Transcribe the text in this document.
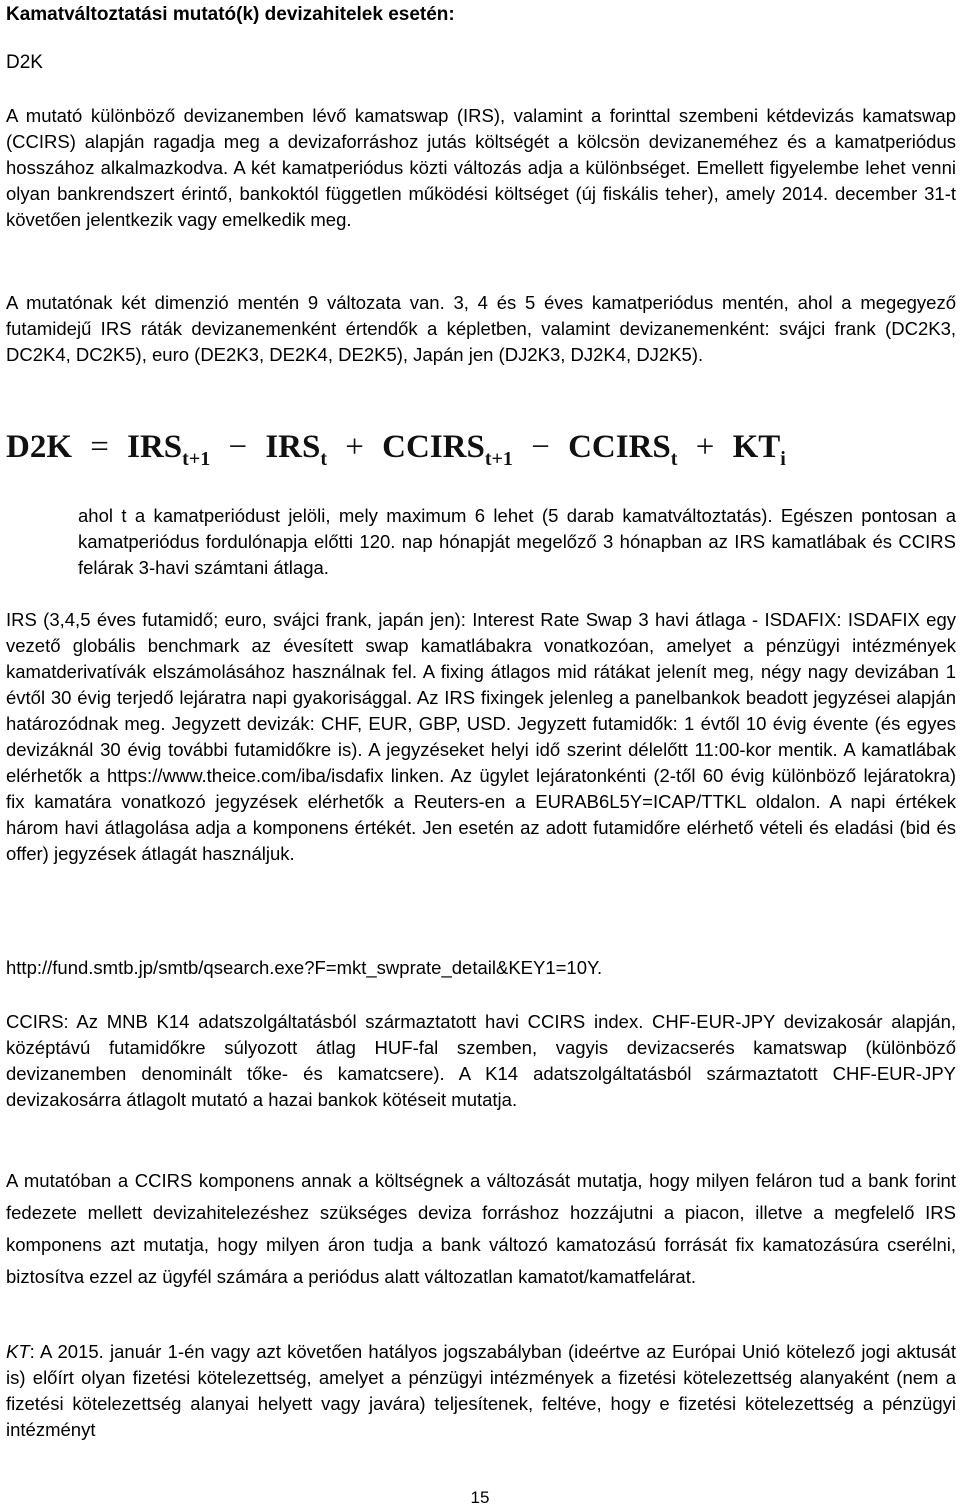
Kamatváltoztatási mutató(k) devizahitelek esetén:

D2K

A mutató különböző devizanemben lévő kamatswap (IRS), valamint a forinttal szembeni kétdevizás kamatswap (CCIRS) alapján ragadja meg a devizaforráshoz jutás költségét a kölcsön devizaneméhez és a kamatperiódus hosszához alkalmazkodva. A két kamatperiódus közti változás adja a különbséget. Emellett figyelembe lehet venni olyan bankrendszert érintő, bankoktól független működési költséget (új fiskális teher), amely 2014. december 31-t követően jelentkezik vagy emelkedik meg.

A mutatónak két dimenzió mentén 9 változata van. 3, 4 és 5 éves kamatperiódus mentén, ahol a megegyező futamidejű IRS ráták devizanemenként értendők a képletben, valamint devizanemenként: svájci frank (DC2K3, DC2K4, DC2K5), euro (DE2K3, DE2K4, DE2K5), Japán jen (DJ2K3, DJ2K4, DJ2K5).

$D2K = IRS_{t+1} - IRS_t$ + $CCIRS_{t+1}$ − $CCIRS_t + KT_i$

ahol t a kamatperiódust jelöli, mely maximum 6 lehet (5 darab kamatváltoztatás). Egészen pontosan a kamatperiódus fordulónapja előtti 120. nap hónapját megelőző 3 hónapban az IRS kamatlábak és CCIRS felárak 3-havi számtani átlaga.

IRS (3,4,5 éves futamidő; euro, svájci frank, japán jen): Interest Rate Swap 3 havi átlaga - ISDAFIX: ISDAFIX egy vezető globális benchmark az évesített swap kamatlábakra vonatkozóan, amelyet a pénzügyi intézmények kamatderivatívák elszámolásához használnak fel. A fixing átlagos mid rátákat jelenít meg, négy nagy devizában 1 évtől 30 évig terjedő lejáratra napi gyakorisággal. Az IRS fixingek jelenleg a panelbankok beadott jegyzései alapján határozódnak meg. Jegyzett devizák: CHF, EUR, GBP, USD. Jegyzett futamidők: 1 évtől 10 évig évente (és egyes devizáknál 30 évig további futamidőkre is). A jegyzéseket helyi idő szerint délelőtt 11:00-kor mentik. A kamatlábak elérhetők a https://www.theice.com/iba/isdafix linken. Az ügylet lejáratonkénti (2-től 60 évig különböző lejáratokra) fix kamatára vonatkozó jegyzések elérhetők a Reuters-en a EURAB6L5Y=ICAP/TTKL oldalon. A napi értékek három havi átlagolása adja a komponens értékét. Jen esetén az adott futamidőre elérhető vételi és eladási (bid és offer) jegyzések átlagát használjuk.

http://fund.smtb.jp/smtb/qsearch.exe?F=mkt_swprate_detail&KEY1=10Y.

CCIRS: Az MNB K14 adatszolgáltatásból származtatott havi CCIRS index. CHF-EUR-JPY devizakosár alapján, középtávú futamidőkre súlyozott átlag HUF-fal szemben, vagyis devizacserés kamatswap (különböző devizanemben denominált tőke- és kamatcsere). A K14 adatszolgáltatásból származtatott CHF-EUR-JPY devizakosárra átlagolt mutató a hazai bankok kötéseit mutatja.

A mutatóban a CCIRS komponens annak a költségnek a változását mutatja, hogy milyen feláron tud a bank forint fedezete mellett devizahitelezéshez szükséges deviza forráshoz hozzájutni a piacon, illetve a megfelelő IRS komponens azt mutatja, hogy milyen áron tudja a bank változó kamatozású forrását fix kamatozásúra cserélni, biztosítva ezzel az ügyfél számára a periódus alatt változatlan kamatot/kamatfelárat.

KT: A 2015. január 1-én vagy azt követően hatályos jogszabályban (ideértve az Európai Unió kötelező jogi aktusát is) előírt olyan fizetési kötelezettség, amelyet a pénzügyi intézmények a fizetési kötelezettség alanyaként (nem a fizetési kötelezettség alanyai helyett vagy javára) teljesítenek, feltéve, hogy e fizetési kötelezettség a pénzügyi intézményt

15
